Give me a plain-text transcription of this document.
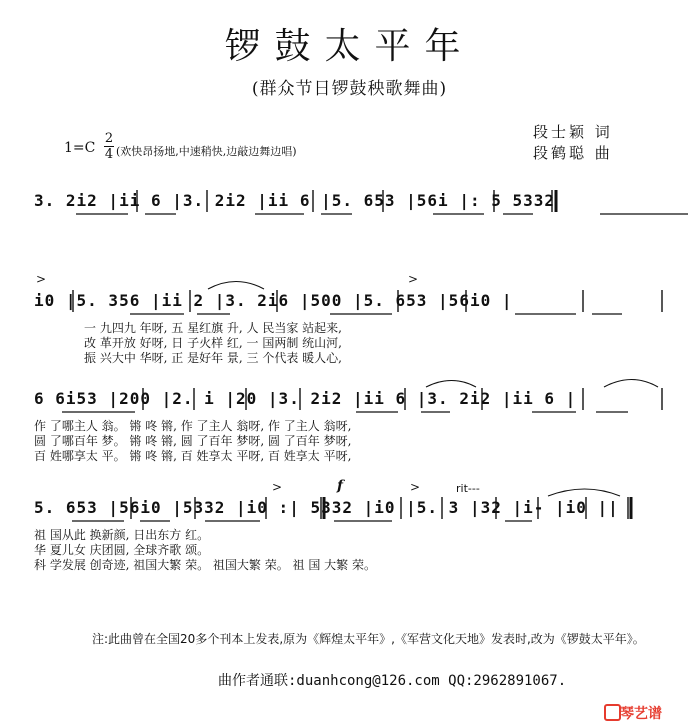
锣鼓太平年
(群众节日锣鼓秧歌舞曲)
1=C
2
4 (欢快昂扬地,中速稍快,边敲边舞边唱)
段士颖 词
段鹤聪 曲
3. 2i2 |ii 6 |3. 2i2 |ii 6 |5. 653 |56i |: 5 5332
>	>
i0 |5. 356 |ii 2 |3. 2i6 |500 |5. 653 |56i0 |
一 九四九 年呀, 五 星红旗 升, 人 民当家 站起来,
改 革开放 好呀, 日 子火样 红, 一 国两制 统山河,
振 兴大中 华呀, 正 是好年 景, 三 个代表 暖人心,
6 6i53 |200 |2. i |20 |3. 2i2 |ii 6 |3. 2i2 |ii 6 |
作 了哪主人 翁。 锵 咚 锵, 作 了主人 翁呀, 作 了主人 翁呀,
圆 了哪百年 梦。 锵 咚 锵, 圆 了百年 梦呀, 圆 了百年 梦呀,
百 姓哪享太 平。 锵 咚 锵, 百 姓享太 平呀, 百 姓享太 平呀,
>	f	>	rit---
5. 653 |56i0 |5332 |i0 :| 5332 |i0 |5. 3 |32 |i- |i0 ||
祖 国从此 换新颜, 日出东方 红。
华 夏儿女 庆团圆, 全球齐歌 颂。
科 学发展 创奇迹, 祖国大繁 荣。 祖国大繁 荣。 祖 国 大繁 荣。
注:此曲曾在全国20多个刊本上发表,原为《辉煌太平年》,《军营文化天地》发表时,改为《锣鼓太平年》。
曲作者通联:duanhcong@126.com QQ:2962891067.
琴艺谱
